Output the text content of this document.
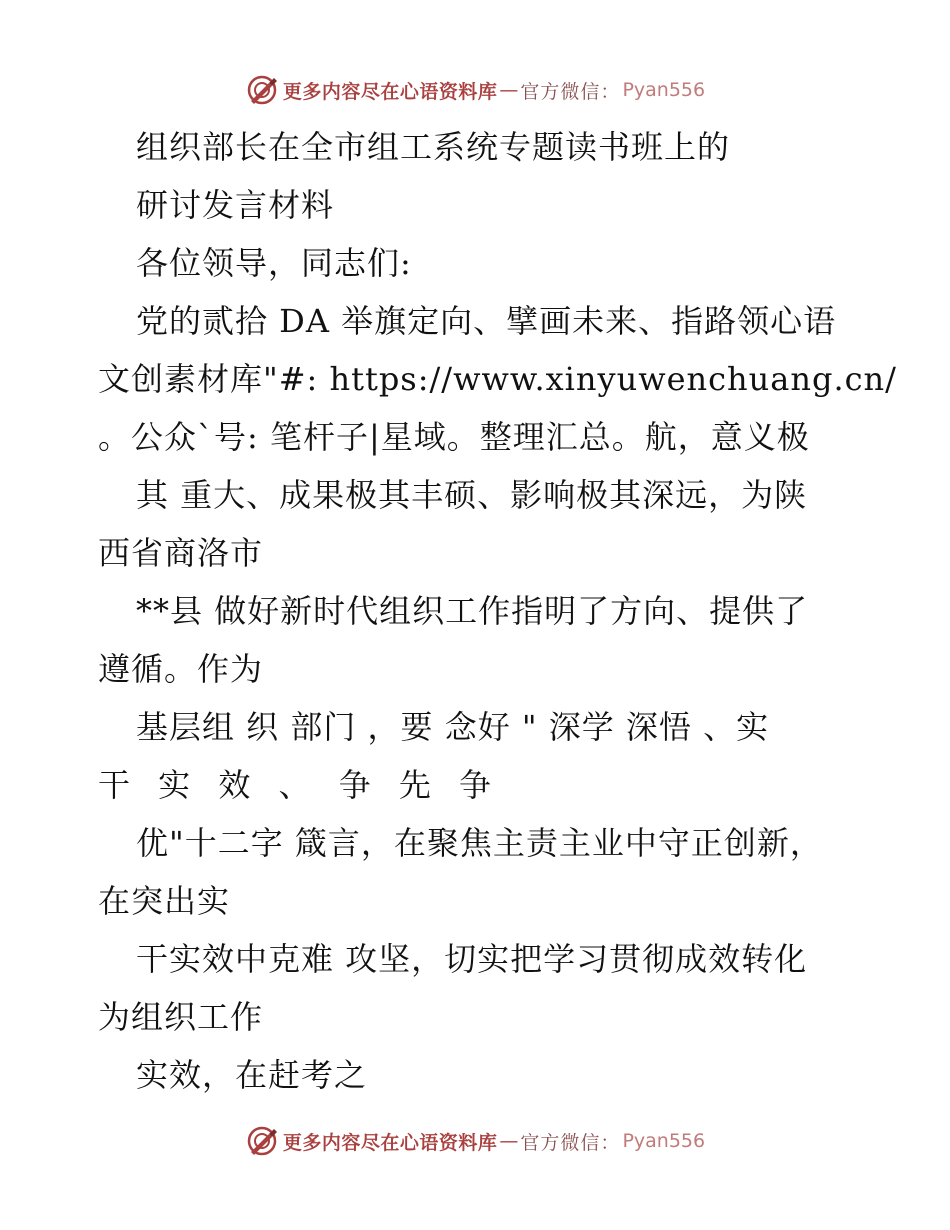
更多内容尽在心语资料库 — 官方微信： Pyan556
组织部长在全市组工系统专题读书班上的
研讨发言材料
各位领导，同志们:
党的贰拾 DA 举旗定向、擘画未来、指路领心语
文创素材库"#: https://www.xinyuwenchuang.cn/
。公众`号: 笔杆子|星域。整理汇总。航，意义极
其 重大、成果极其丰硕、影响极其深远，为陕
西省商洛市
**县 做好新时代组织工作指明了方向、提供了
遵循。作为
基层组 织 部门 ，要 念好 " 深学 深悟 、实
干 实 效 、 争 先 争
优"十二字 箴言，在聚焦主责主业中守正创新，
在突出实
干实效中克难 攻坚，切实把学习贯彻成效转化
为组织工作
实效，在赶考之
更多内容尽在心语资料库 — 官方微信： Pyan556
